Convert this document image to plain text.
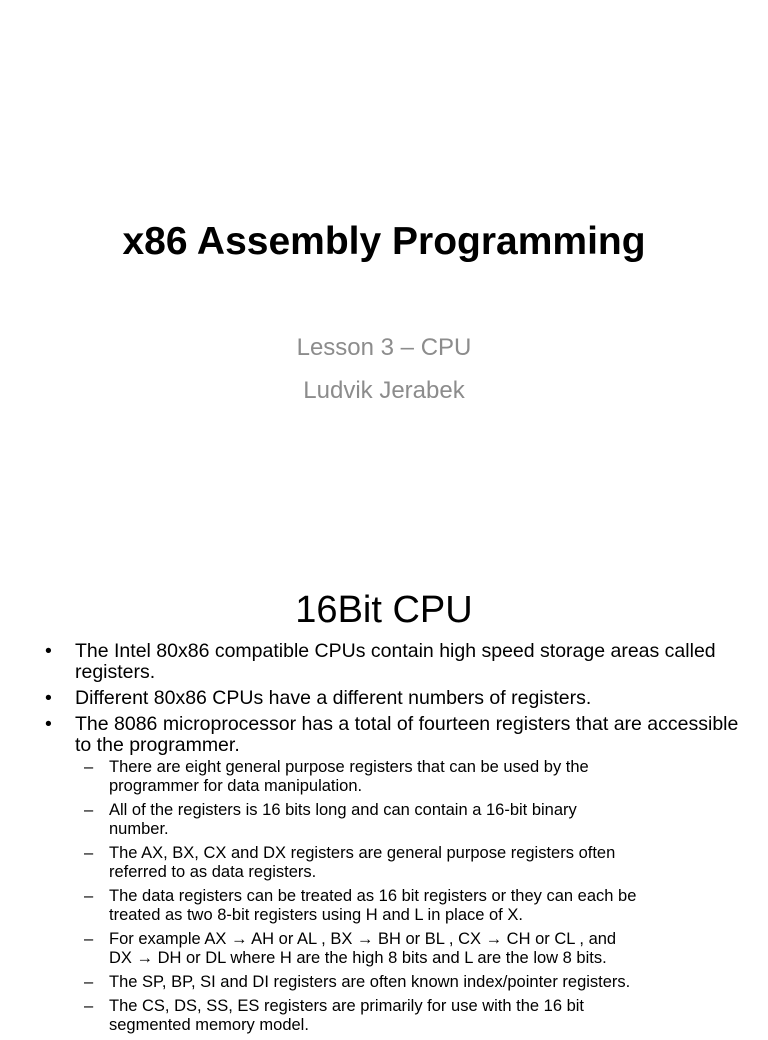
x86 Assembly Programming

Lesson 3 – CPU

Ludvik Jerabek

16Bit CPU
• The Intel 80x86 compatible CPUs contain high speed storage areas called registers.
• Different 80x86 CPUs have a different numbers of registers.
• The 8086 microprocessor has a total of fourteen registers that are accessible to the programmer.
– There are eight general purpose registers that can be used by the programmer for data manipulation.
– All of the registers is 16 bits long and can contain a 16-bit binary number.
– The AX, BX, CX and DX registers are general purpose registers often referred to as data registers.
– The data registers can be treated as 16 bit registers or they can each be treated as two 8-bit registers using H and L in place of X.
– For example AX → AH or AL , BX → BH or BL , CX → CH or CL , and DX → DH or DL where H are the high 8 bits and L are the low 8 bits.
– The SP, BP, SI and DI registers are often known index/pointer registers.
– The CS, DS, SS, ES registers are primarily for use with the 16 bit segmented memory model.
